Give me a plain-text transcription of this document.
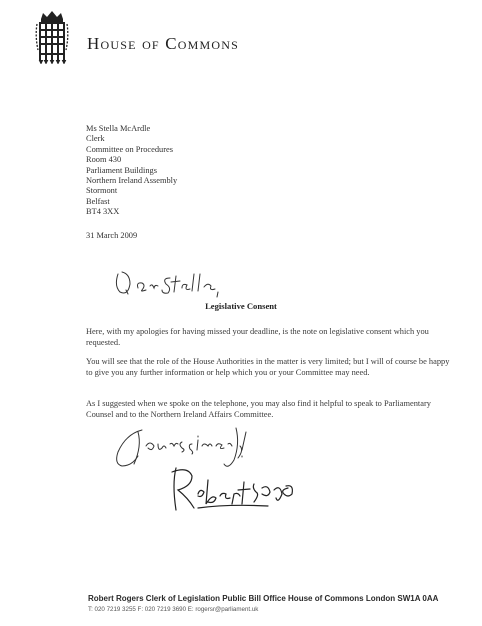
House of Commons
Ms Stella McArdle
Clerk
Committee on Procedures
Room 430
Parliament Buildings
Northern Ireland Assembly
Stormont
Belfast
BT4 3XX
31 March 2009
Legislative Consent
Here, with my apologies for having missed your deadline, is the note on legislative consent which you requested.
You will see that the role of the House Authorities in the matter is very limited; but I will of course be happy to give you any further information or help which you or your Committee may need.
As I suggested when we spoke on the telephone, you may also find it helpful to speak to Parliamentary Counsel and to the Northern Ireland Affairs Committee.
Robert Rogers Clerk of Legislation Public Bill Office House of Commons London SW1A 0AA
T: 020 7219 3255 F: 020 7219 3690 E: rogersr@parliament.uk
